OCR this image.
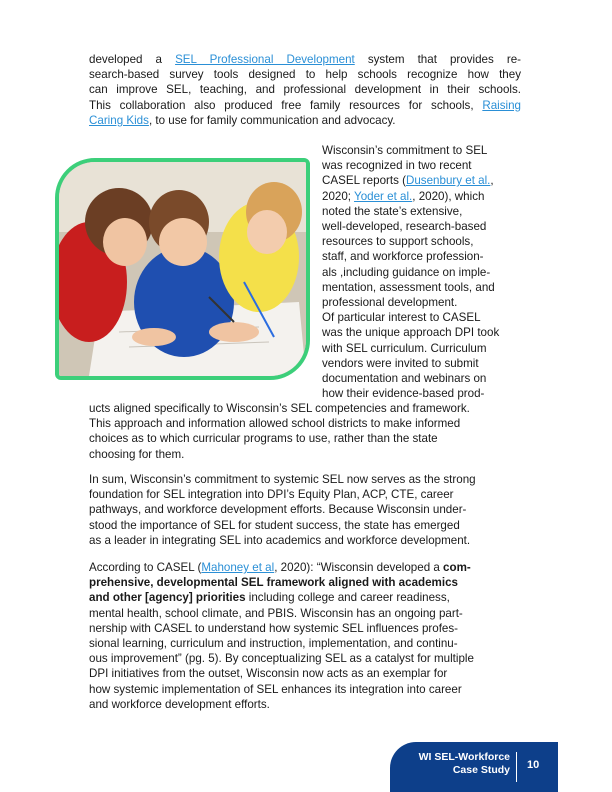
developed a SEL Professional Development system that provides re-
search-based survey tools designed to help schools recognize how they
can improve SEL, teaching, and professional development in their schools.
This collaboration also produced free family resources for schools, Raising
Caring Kids, to use for family communication and advocacy.
Wisconsin’s commitment to SEL
was recognized in two recent
CASEL reports (Dusenbury et al.,
2020; Yoder et al., 2020), which
noted the state’s extensive,
well-developed, research-based
resources to support schools,
staff, and workforce profession-
als ,including guidance on imple-
mentation, assessment tools, and
professional development.
Of particular interest to CASEL
was the unique approach DPI took
with SEL curriculum. Curriculum
vendors were invited to submit
documentation and webinars on
how their evidence-based prod-
ucts aligned specifically to Wisconsin’s SEL competencies and framework.
This approach and information allowed school districts to make informed
choices as to which curricular programs to use, rather than the state
choosing for them.
In sum, Wisconsin’s commitment to systemic SEL now serves as the strong
foundation for SEL integration into DPI’s Equity Plan, ACP, CTE, career
pathways, and workforce development efforts. Because Wisconsin under-
stood the importance of SEL for student success, the state has emerged
as a leader in integrating SEL into academics and workforce development.
According to CASEL (Mahoney et al, 2020): “Wisconsin developed a com-
prehensive, developmental SEL framework aligned with academics
and other [agency] priorities including college and career readiness,
mental health, school climate, and PBIS. Wisconsin has an ongoing part-
nership with CASEL to understand how systemic SEL influences profes-
sional learning, curriculum and instruction, implementation, and continu-
ous improvement” (pg. 5). By conceptualizing SEL as a catalyst for multiple
DPI initiatives from the outset, Wisconsin now acts as an exemplar for
how systemic implementation of SEL enhances its integration into career
and workforce development efforts.
WI SEL-Workforce
Case Study 10
